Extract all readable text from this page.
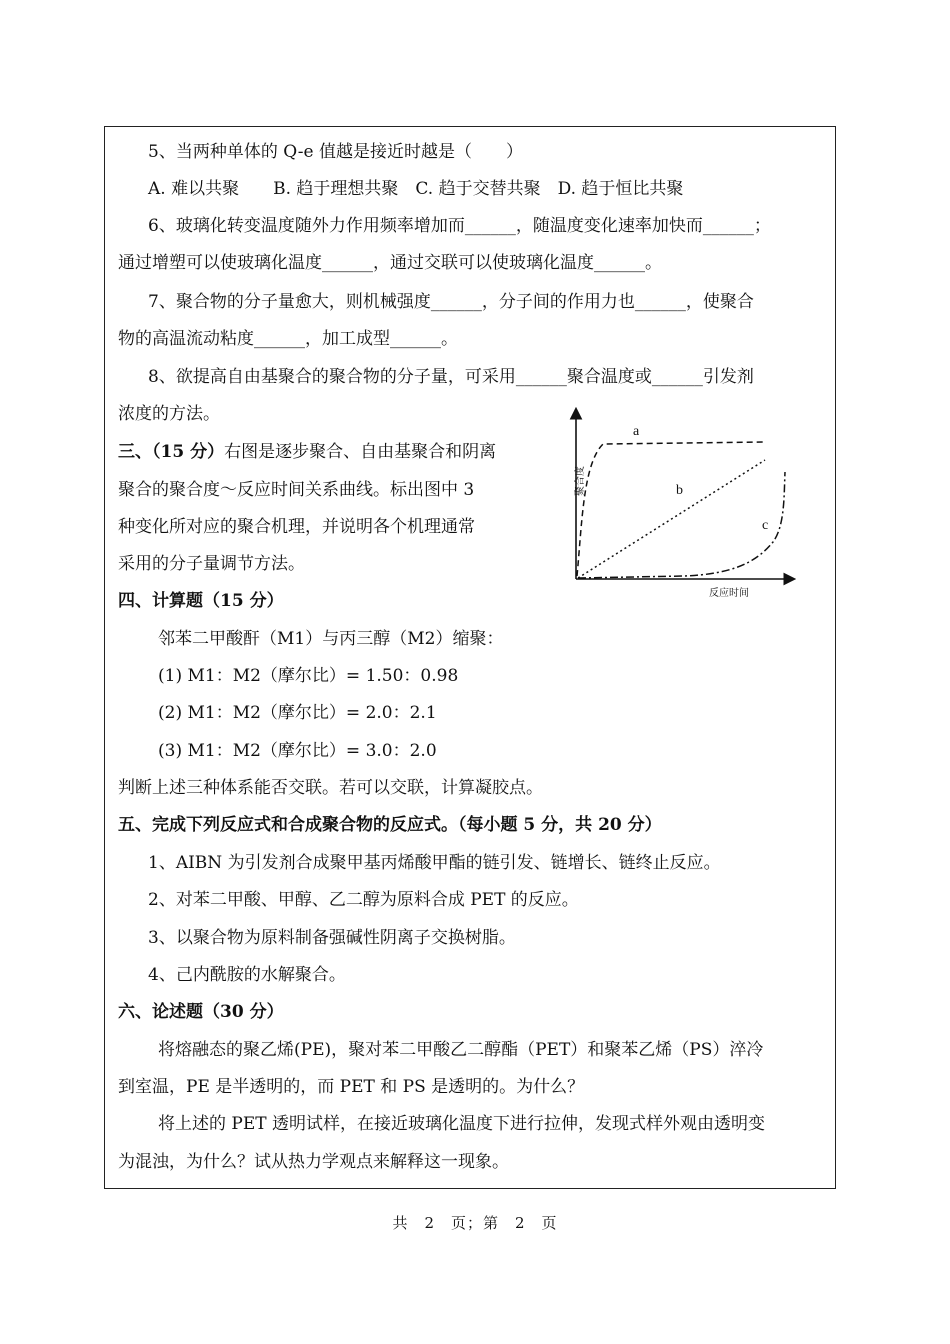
5、当两种单体的 Q-e 值越是接近时越是（　　）
A. 难以共聚　　B. 趋于理想共聚　C. 趋于交替共聚　D. 趋于恒比共聚
6、玻璃化转变温度随外力作用频率增加而______，随温度变化速率加快而______；
通过增塑可以使玻璃化温度______，通过交联可以使玻璃化温度______。
7、聚合物的分子量愈大，则机械强度______，分子间的作用力也______，使聚合
物的高温流动粘度______，加工成型______。
8、欲提高自由基聚合的聚合物的分子量，可采用______聚合温度或______引发剂
浓度的方法。
三、（15 分）右图是逐步聚合、自由基聚合和阴离
聚合的聚合度～反应时间关系曲线。标出图中 3
种变化所对应的聚合机理，并说明各个机理通常
采用的分子量调节方法。
a
b
c
聚合度
反应时间
四、计算题（15 分）
邻苯二甲酸酐（M1）与丙三醇（M2）缩聚：
(1) M1：M2（摩尔比）= 1.50：0.98
(2) M1：M2（摩尔比）= 2.0：2.1
(3) M1：M2（摩尔比）= 3.0：2.0
判断上述三种体系能否交联。若可以交联，计算凝胶点。
五、完成下列反应式和合成聚合物的反应式。（每小题 5 分，共 20 分）
1、AIBN 为引发剂合成聚甲基丙烯酸甲酯的链引发、链增长、链终止反应。
2、对苯二甲酸、甲醇、乙二醇为原料合成 PET 的反应。
3、以聚合物为原料制备强碱性阴离子交换树脂。
4、己内酰胺的水解聚合。
六、论述题（30 分）
将熔融态的聚乙烯(PE)，聚对苯二甲酸乙二醇酯（PET）和聚苯乙烯（PS）淬冷
到室温，PE 是半透明的，而 PET 和 PS 是透明的。为什么？
将上述的 PET 透明试样，在接近玻璃化温度下进行拉伸，发现式样外观由透明变
为混浊，为什么？试从热力学观点来解释这一现象。
共　2　页；第　2　页
